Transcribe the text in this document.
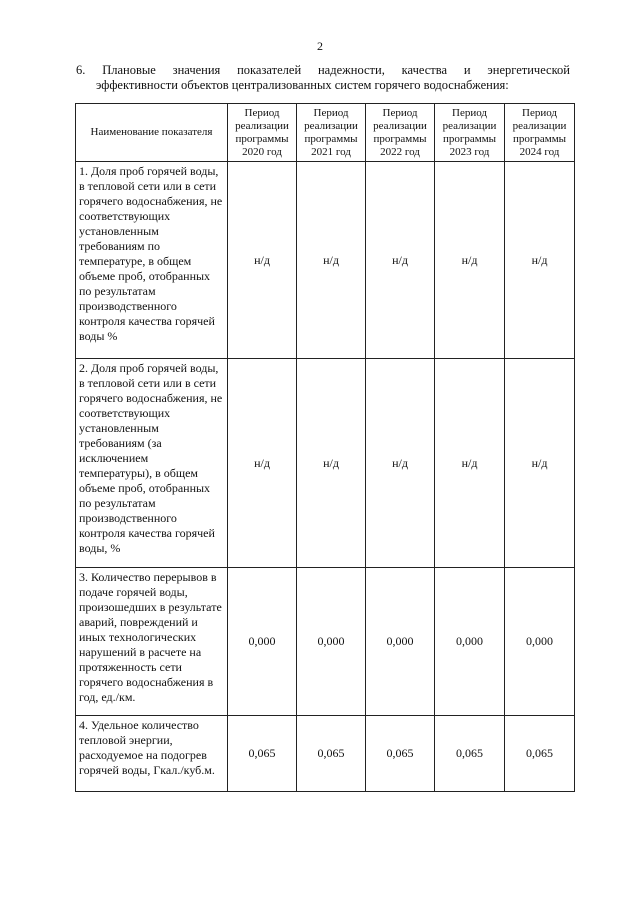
2
6. Плановые значения показателей надежности, качества и энергетической
эффективности объектов централизованных систем горячего водоснабжения:
Наименование показателя	Период реализации программы 2020 год	Период реализации программы 2021 год	Период реализации программы 2022 год	Период реализации программы 2023 год	Период реализации программы 2024 год
1. Доля проб горячей воды, в тепловой сети или в сети горячего водоснабжения, не соответствующих установленным требованиям по температуре, в общем объеме проб, отобранных по результатам производственного контроля качества горячей воды %	н/д	н/д	н/д	н/д	н/д
2. Доля проб горячей воды, в тепловой сети или в сети горячего водоснабжения, не соответствующих установленным требованиям (за исключением температуры), в общем объеме проб, отобранных по результатам производственного контроля качества горячей воды, %	н/д	н/д	н/д	н/д	н/д
3. Количество перерывов в подаче горячей воды, произошедших в результате аварий, повреждений и иных технологических нарушений в расчете на протяженность сети горячего водоснабжения в год, ед./км.	0,000	0,000	0,000	0,000	0,000
4. Удельное количество тепловой энергии, расходуемое на подогрев горячей воды, Гкал./куб.м.	0,065	0,065	0,065	0,065	0,065
